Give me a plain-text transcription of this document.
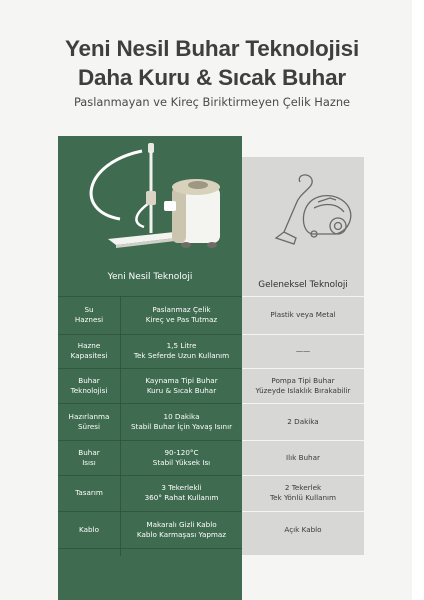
Yeni Nesil Buhar Teknolojisi
Daha Kuru & Sıcak Buhar
Paslanmayan ve Kireç Biriktirmeyen Çelik Hazne
Yeni Nesil Teknoloji
Geleneksel Teknoloji
Su
Haznesi
Paslanmaz Çelik
Kireç ve Pas Tutmaz
Plastik veya Metal
Hazne
Kapasitesi
1,5 Litre
Tek Seferde Uzun Kullanım
——
Buhar
Teknolojisi
Kaynama Tipi Buhar
Kuru & Sıcak Buhar
Pompa Tipi Buhar
Yüzeyde Islaklık Bırakabilir
Hazırlanma
Süresi
10 Dakika
Stabil Buhar İçin Yavaş Isınır
2 Dakika
Buhar
Isısı
90-120°C
Stabil Yüksek Isı
Ilık Buhar
Tasarım
3 Tekerlekli
360° Rahat Kullanım
2 Tekerlek
Tek Yönlü Kullanım
Kablo
Makaralı Gizli Kablo
Kablo Karmaşası Yapmaz
Açık Kablo
